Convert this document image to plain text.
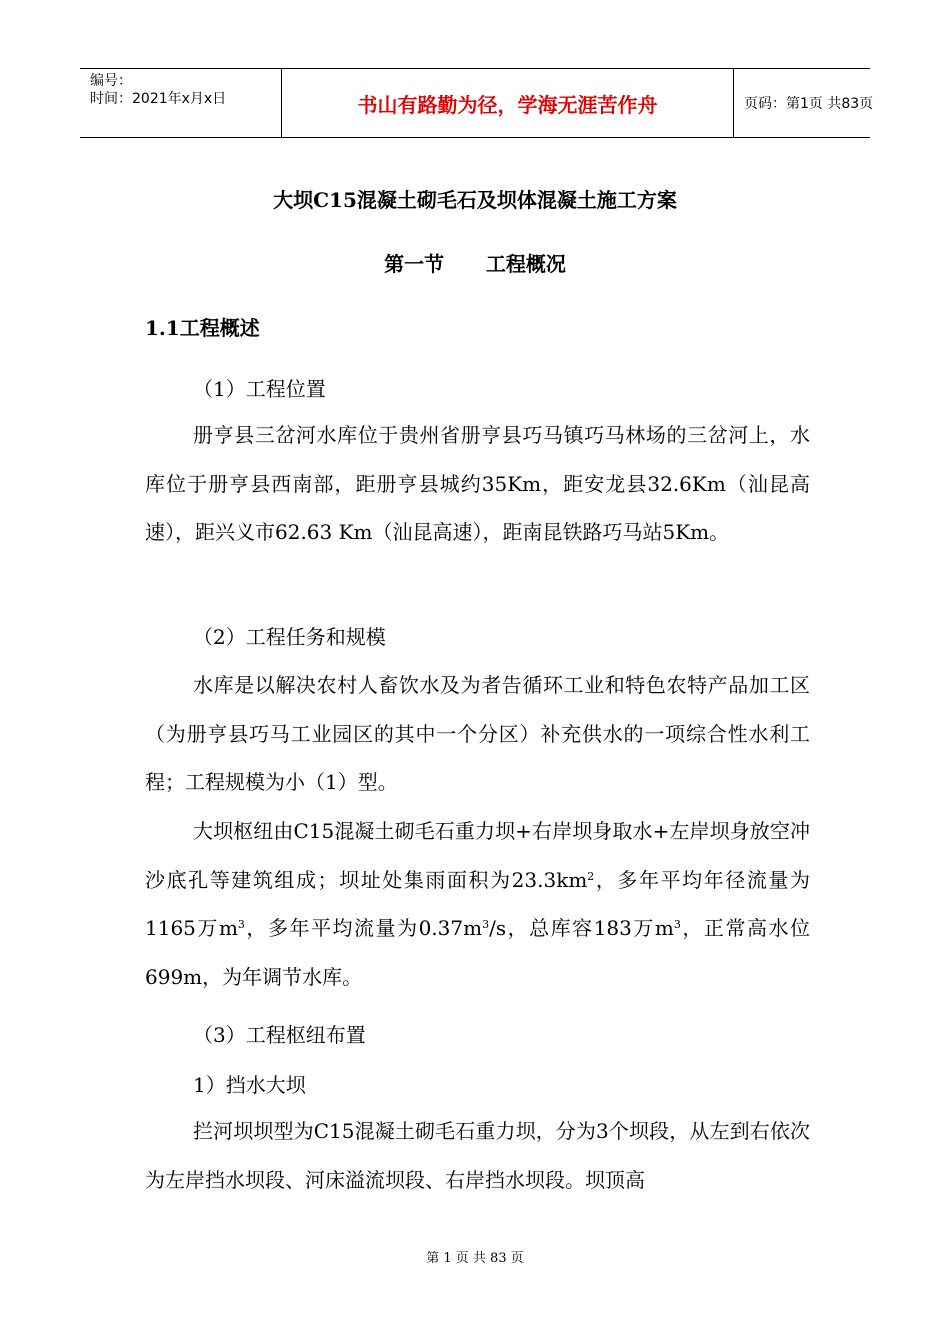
编号：
时间：2021年x月x日	书山有路勤为径，学海无涯苦作舟	页码：第1页 共83页
大坝C15混凝土砌毛石及坝体混凝土施工方案
第一节      工程概况
1.1工程概述
（1）工程位置
册亨县三岔河水库位于贵州省册亨县巧马镇巧马林场的三岔河上，水库位于册亨县西南部，距册亨县城约35Km，距安龙县32.6Km（汕昆高速），距兴义市62.63 Km（汕昆高速），距南昆铁路巧马站5Km。
（2）工程任务和规模
水库是以解决农村人畜饮水及为者告循环工业和特色农特产品加工区（为册亨县巧马工业园区的其中一个分区）补充供水的一项综合性水利工程；工程规模为小（1）型。
大坝枢纽由C15混凝土砌毛石重力坝+右岸坝身取水+左岸坝身放空冲沙底孔等建筑组成；坝址处集雨面积为$23.3km^2$，多年平均年径流量为1165万$m^3$，多年平均流量为$0.37m^3/s$，总库容183万$m^3$，正常高水位699m，为年调节水库。
（3）工程枢纽布置
1）挡水大坝
拦河坝坝型为C15混凝土砌毛石重力坝，分为3个坝段，从左到右依次为左岸挡水坝段、河床溢流坝段、右岸挡水坝段。坝顶高
第 1 页 共 83 页
